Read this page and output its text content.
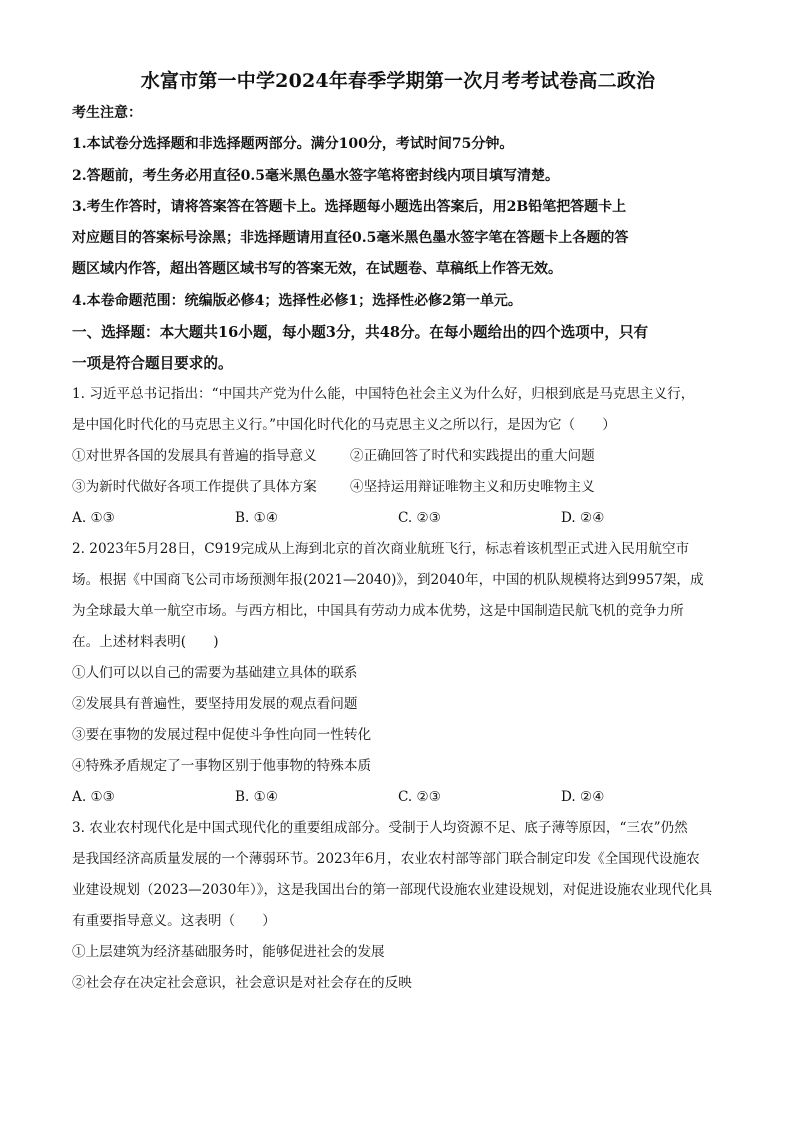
水富市第一中学2024年春季学期第一次月考考试卷高二政治
考生注意：
1.本试卷分选择题和非选择题两部分。满分100分，考试时间75分钟。
2.答题前，考生务必用直径0.5毫米黑色墨水签字笔将密封线内项目填写清楚。
3.考生作答时，请将答案答在答题卡上。选择题每小题选出答案后，用2B铅笔把答题卡上
对应题目的答案标号涂黑；非选择题请用直径0.5毫米黑色墨水签字笔在答题卡上各题的答
题区域内作答，超出答题区域书写的答案无效，在试题卷、草稿纸上作答无效。
4.本卷命题范围：统编版必修4；选择性必修1；选择性必修2第一单元。
一、选择题：本大题共16小题，每小题3分，共48分。在每小题给出的四个选项中，只有
一项是符合题目要求的。
1. 习近平总书记指出：“中国共产党为什么能，中国特色社会主义为什么好，归根到底是马克思主义行，
是中国化时代化的马克思主义行。”中国化时代化的马克思主义之所以行，是因为它（　　）
①对世界各国的发展具有普遍的指导意义	②正确回答了时代和实践提出的重大问题
③为新时代做好各项工作提供了具体方案	④坚持运用辩证唯物主义和历史唯物主义
A. ①③	B. ①④	C. ②③	D. ②④
2. 2023年5月28日，C919完成从上海到北京的首次商业航班飞行，标志着该机型正式进入民用航空市
场。根据《中国商飞公司市场预测年报(2021—2040)》，到2040年，中国的机队规模将达到9957架，成
为全球最大单一航空市场。与西方相比，中国具有劳动力成本优势，这是中国制造民航飞机的竞争力所
在。上述材料表明(　　)
①人们可以以自己的需要为基础建立具体的联系
②发展具有普遍性，要坚持用发展的观点看问题
③要在事物的发展过程中促使斗争性向同一性转化
④特殊矛盾规定了一事物区别于他事物的特殊本质
A. ①③	B. ①④	C. ②③	D. ②④
3. 农业农村现代化是中国式现代化的重要组成部分。受制于人均资源不足、底子薄等原因，“三农”仍然
是我国经济高质量发展的一个薄弱环节。2023年6月，农业农村部等部门联合制定印发《全国现代设施农
业建设规划（2023—2030年）》，这是我国出台的第一部现代设施农业建设规划，对促进设施农业现代化具
有重要指导意义。这表明（　　）
①上层建筑为经济基础服务时，能够促进社会的发展
②社会存在决定社会意识，社会意识是对社会存在的反映
